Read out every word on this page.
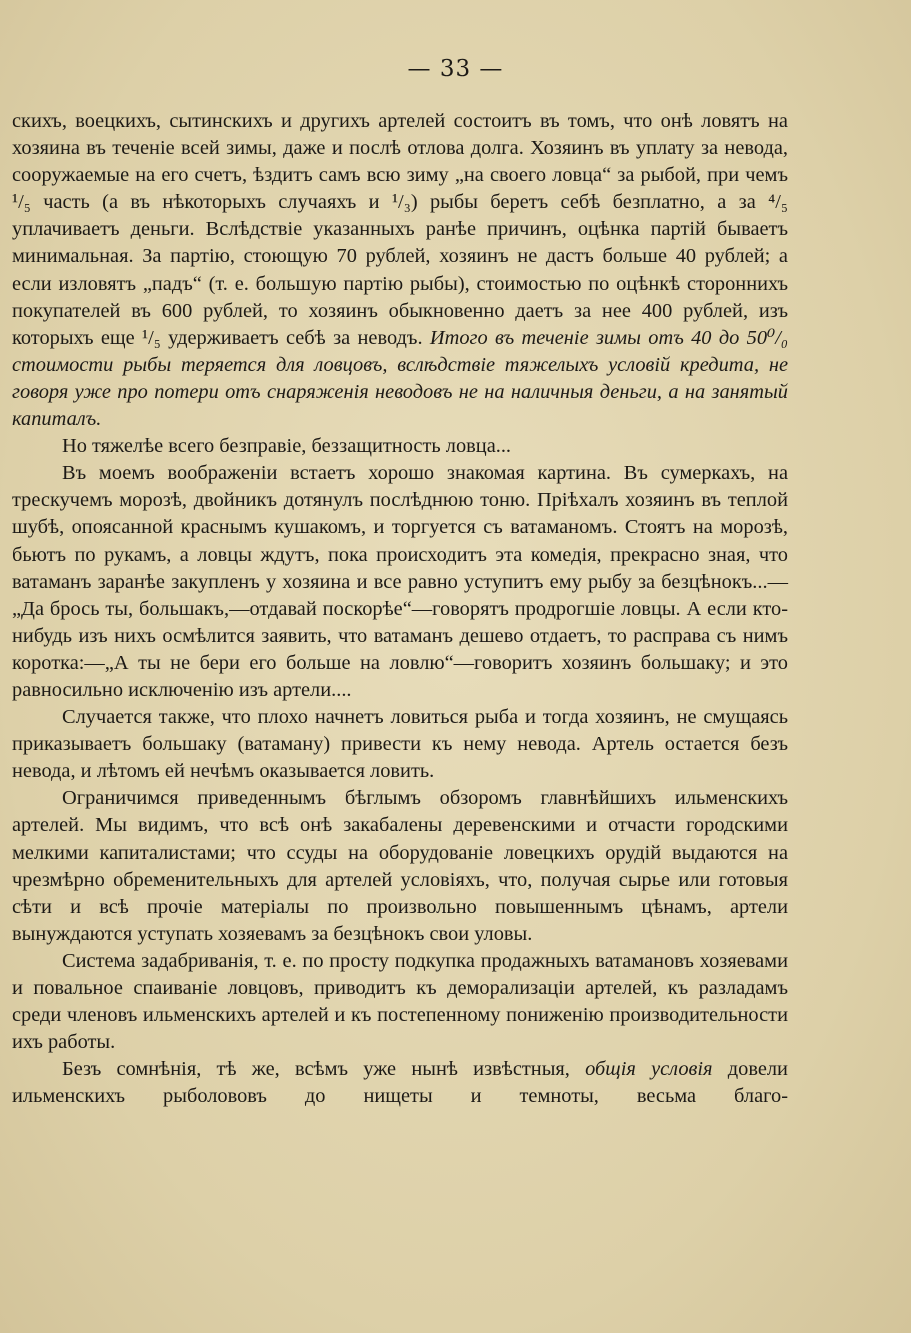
— 33 —

скихъ, воецкихъ, сытинскихъ и другихъ артелей состоитъ въ томъ, что онѣ ловятъ на хозяина въ теченіе всей зимы, даже и послѣ отлова долга. Хозяинъ въ уплату за невода, сооружаемые на его счетъ, ѣздитъ самъ всю зиму „на своего ловца“ за рыбой, при чемъ ¹/₅ часть (а въ нѣкоторыхъ случаяхъ и ¹/₃) рыбы беретъ себѣ безплатно, а за ⁴/₅ уплачиваетъ деньги. Вслѣдствіе указанныхъ ранѣе причинъ, оцѣнка партій бываетъ минимальная. За партію, стоющую 70 рублей, хозяинъ не дастъ больше 40 рублей; а если изловятъ „падъ“ (т. е. большую партію рыбы), стоимостью по оцѣнкѣ стороннихъ покупателей въ 600 рублей, то хозяинъ обыкновенно даетъ за нее 400 рублей, изъ которыхъ еще ¹/₅ удерживаетъ себѣ за неводъ. Итого въ теченіе зимы отъ 40 до 50⁰/₀ стоимости рыбы теряется для ловцовъ, вслѣдствіе тяжелыхъ условій кредита, не говоря уже про потери отъ снаряженія неводовъ не на наличныя деньги, а на занятый капиталъ.

Но тяжелѣе всего безправіе, беззащитность ловца...

Въ моемъ воображеніи встаетъ хорошо знакомая картина. Въ сумеркахъ, на трескучемъ морозѣ, двойникъ дотянулъ послѣднюю тоню. Пріѣхалъ хозяинъ въ теплой шубѣ, опоясанной краснымъ кушакомъ, и торгуется съ ватаманомъ. Стоятъ на морозѣ, бьютъ по рукамъ, а ловцы ждутъ, пока происходитъ эта комедія, прекрасно зная, что ватаманъ заранѣе закупленъ у хозяина и все равно уступитъ ему рыбу за безцѣнокъ...—„Да брось ты, большакъ,—отдавай поскорѣе“—говорятъ продрогшіе ловцы. А если кто-нибудь изъ нихъ осмѣлится заявить, что ватаманъ дешево отдаетъ, то расправа съ нимъ коротка:—„А ты не бери его больше на ловлю“—говоритъ хозяинъ большаку; и это равносильно исключенію изъ артели....

Случается также, что плохо начнетъ ловиться рыба и тогда хозяинъ, не смущаясь приказываетъ большаку (ватаману) привести къ нему невода. Артель остается безъ невода, и лѣтомъ ей нечѣмъ оказывается ловить.

Ограничимся приведеннымъ бѣглымъ обзоромъ главнѣйшихъ ильменскихъ артелей. Мы видимъ, что всѣ онѣ закабалены деревенскими и отчасти городскими мелкими капиталистами; что ссуды на оборудованіе ловецкихъ орудій выдаются на чрезмѣрно обременительныхъ для артелей условіяхъ, что, получая сырье или готовыя сѣти и всѣ прочіе матеріалы по произвольно повышеннымъ цѣнамъ, артели вынуждаются уступать хозяевамъ за безцѣнокъ свои уловы.

Система задабриванія, т. е. по просту подкупка продажныхъ ватамановъ хозяевами и повальное спаиваніе ловцовъ, приводитъ къ деморализаціи артелей, къ разладамъ среди членовъ ильменскихъ артелей и къ постепенному пониженію производительности ихъ работы.

Безъ сомнѣнія, тѣ же, всѣмъ уже нынѣ извѣстныя, общія условія довели ильменскихъ рыболововъ до нищеты и темноты, весьма благо-
